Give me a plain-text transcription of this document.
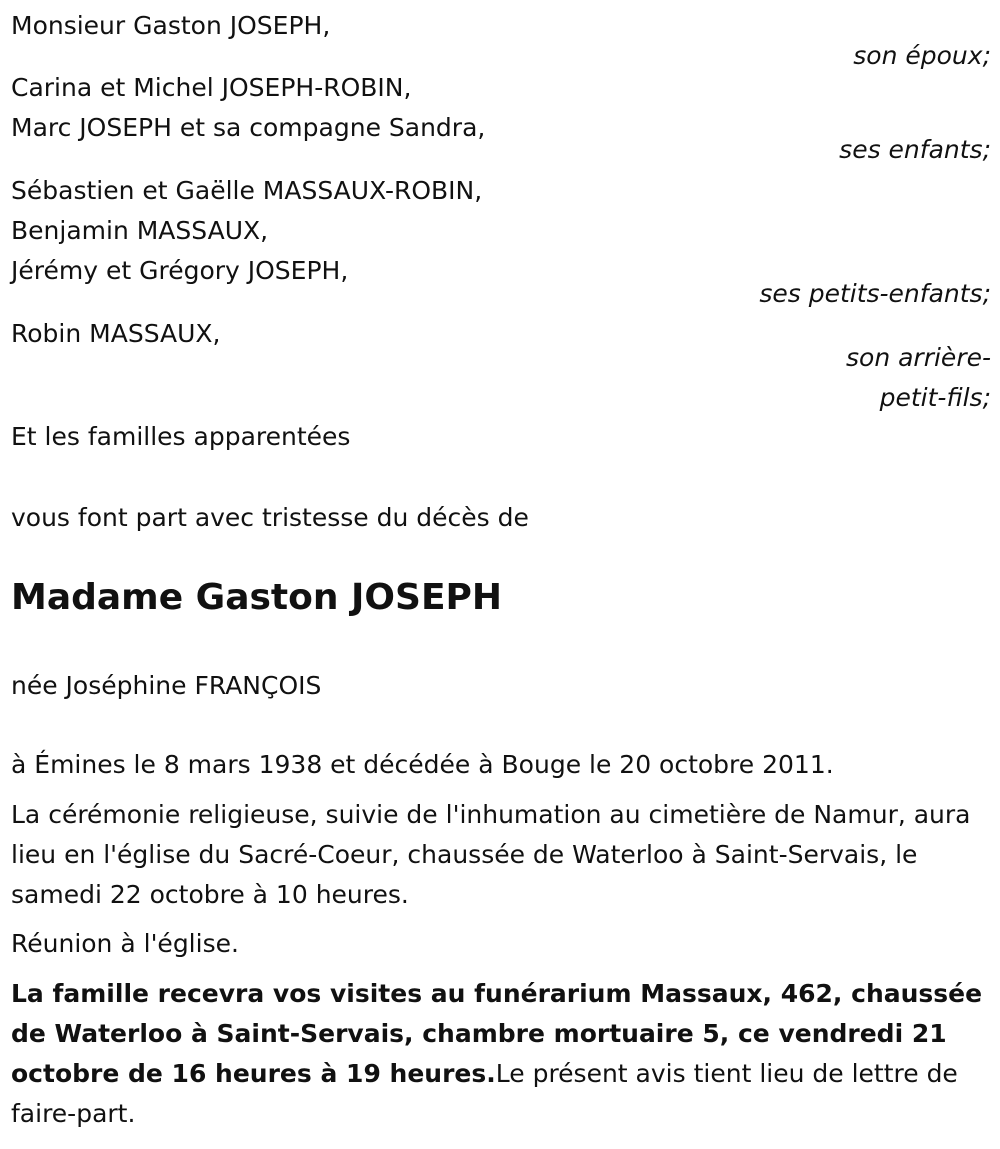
Monsieur Gaston JOSEPH,
son époux;
Carina et Michel JOSEPH-ROBIN,
Marc JOSEPH et sa compagne Sandra,
ses enfants;
Sébastien et Gaëlle MASSAUX-ROBIN,
Benjamin MASSAUX,
Jérémy et Grégory JOSEPH,
ses petits-enfants;
Robin MASSAUX,
son arrière-
petit-fils;
Et les familles apparentées
vous font part avec tristesse du décès de
Madame Gaston JOSEPH
née Joséphine FRANÇOIS
à Émines le 8 mars 1938 et décédée à Bouge le 20 octobre 2011.
La cérémonie religieuse, suivie de l'inhumation au cimetière de Namur, aura lieu en l'église du Sacré-Coeur, chaussée de Waterloo à Saint-Servais, le samedi 22 octobre à 10 heures.
Réunion à l'église.
La famille recevra vos visites au funérarium Massaux, 462, chaussée de Waterloo à Saint-Servais, chambre mortuaire 5, ce vendredi 21 octobre de 16 heures à 19 heures.Le présent avis tient lieu de lettre de faire-part.
